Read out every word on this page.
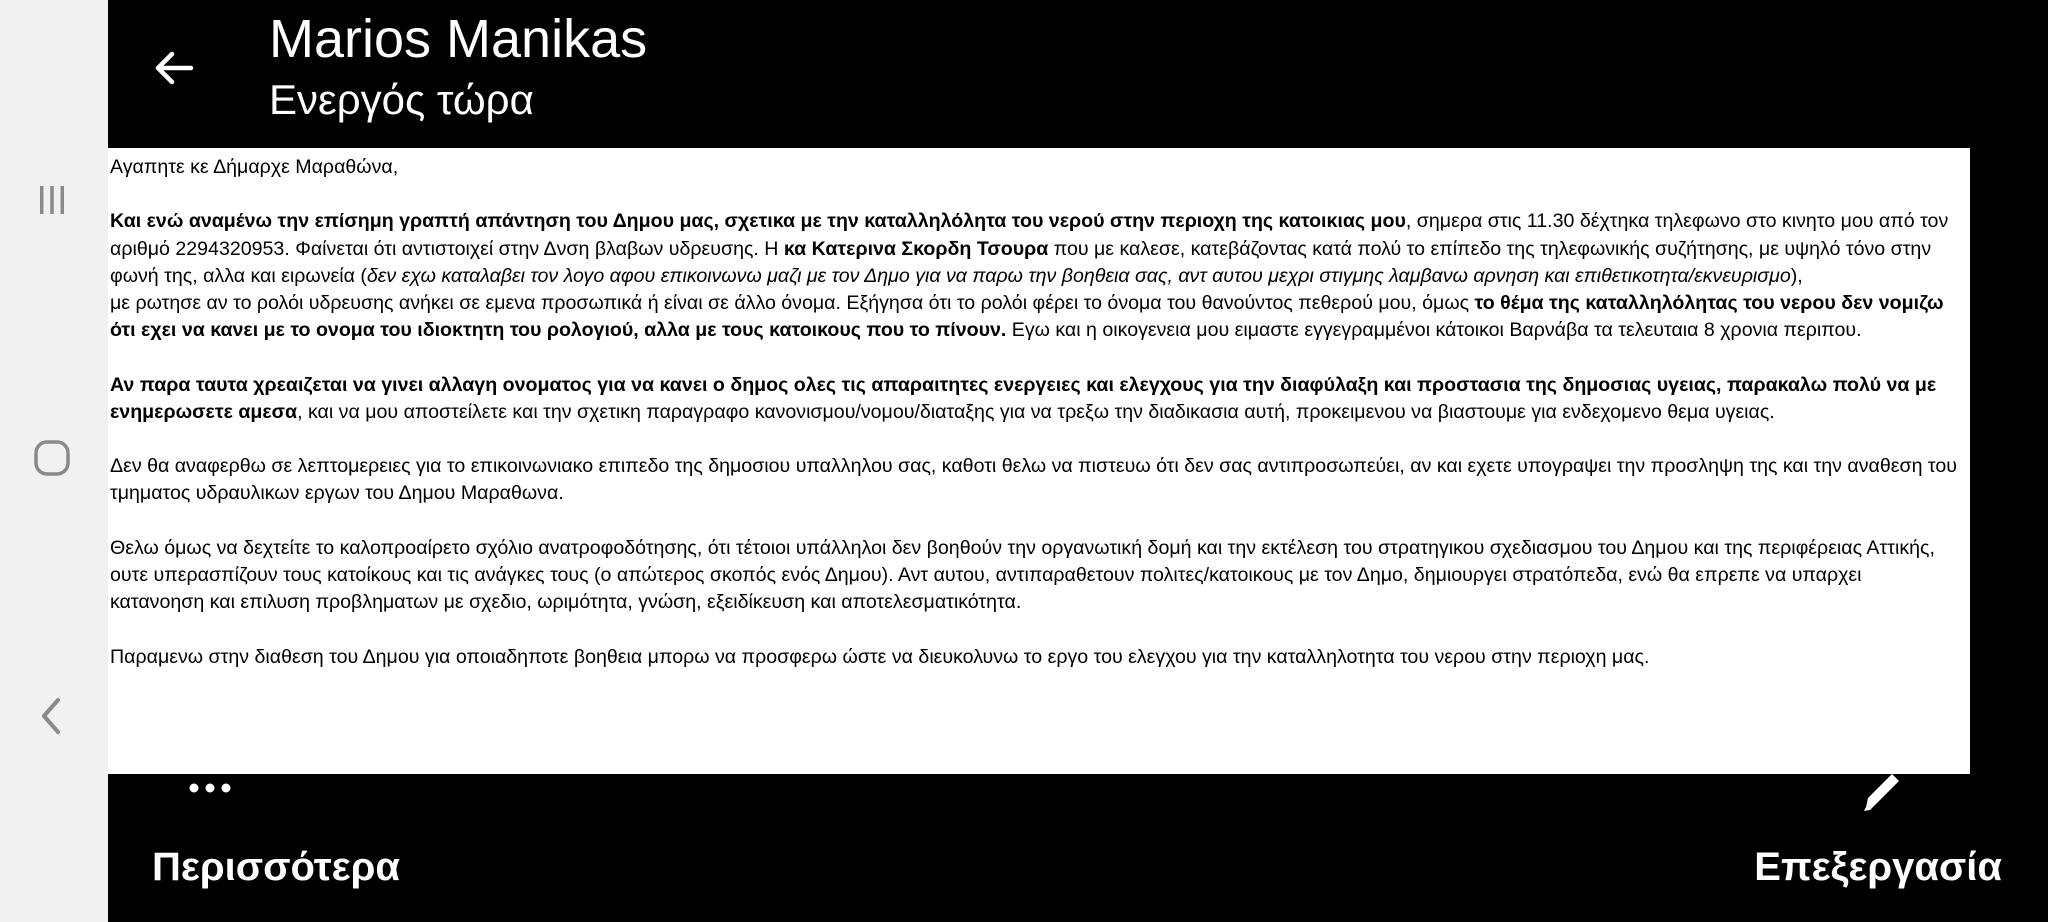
Marios Manikas
Ενεργός τώρα

Αγαπητε κε Δήμαρχε Μαραθώνα,

Και ενώ αναμένω την επίσημη γραπτή απάντηση του Δημου μας, σχετικα με την καταλληλόλητα του νερού στην περιοχη της κατοικιας μου, σημερα στις 11.30 δέχτηκα τηλεφωνο στο κινητο μου από τον αριθμό 2294320953. Φαίνεται ότι αντιστοιχεί στην Δνση βλαβων υδρευσης. Η κα Κατερινα Σκορδη Τσουρα που με καλεσε, κατεβάζοντας κατά πολύ το επίπεδο της τηλεφωνικής συζήτησης, με υψηλό τόνο στην φωνή της, αλλα και ειρωνεία (δεν εχω καταλαβει τον λογο αφου επικοινωνω μαζι με τον Δημο για να παρω την βοηθεια σας, αντ αυτου μεχρι στιγμης λαμβανω αρνηση και επιθετικοτητα/εκνευρισμο),

με ρωτησε αν το ρολόι υδρευσης ανήκει σε εμενα προσωπικά ή είναι σε άλλο όνομα. Εξήγησα ότι το ρολόι φέρει το όνομα του θανούντος πεθερού μου, όμως το θέμα της καταλληλόλητας του νερου δεν νομιζω ότι εχει να κανει με το ονομα του ιδιοκτητη του ρολογιού, αλλα με τους κατοικους που το πίνουν. Εγω και η οικογενεια μου ειμαστε εγγεγραμμένοι κάτοικοι Βαρνάβα τα τελευταια 8 χρονια περιπου.

Αν παρα ταυτα χρεαιζεται να γινει αλλαγη ονοματος για να κανει ο δημος ολες τις απαραιτητες ενεργειες και ελεγχους για την διαφύλαξη και προστασια της δημοσιας υγειας, παρακαλω πολύ να με ενημερωσετε αμεσα, και να μου αποστείλετε και την σχετικη παραγραφο κανονισμου/νομου/διαταξης για να τρεξω την διαδικασια αυτή, προκειμενου να βιαστουμε για ενδεχομενο θεμα υγειας.

Δεν θα αναφερθω σε λεπτομερειες για το επικοινωνιακο επιπεδο της δημοσιου υπαλληλου σας, καθοτι θελω να πιστευω ότι δεν σας αντιπροσωπεύει, αν και εχετε υπογραψει την προσληψη της και την αναθεση του τμηματος υδραυλικων εργων του Δημου Μαραθωνα.

Θελω όμως να δεχτείτε το καλοπροαίρετο σχόλιο ανατροφοδότησης, ότι τέτοιοι υπάλληλοι δεν βοηθούν την οργανωτική δομή και την εκτέλεση του στρατηγικου σχεδιασμου του Δημου και της περιφέρειας Αττικής, ουτε υπερασπίζουν τους κατοίκους και τις ανάγκες τους (ο απώτερος σκοπός ενός Δημου). Αντ αυτου, αντιπαραθετουν πολιτες/κατοικους με τον Δημο, δημιουργει στρατόπεδα, ενώ θα επρεπε να υπαρχει κατανοηση και επιλυση προβληματων με σχεδιο, ωριμότητα, γνώση, εξειδίκευση και αποτελεσματικότητα.

Παραμενω στην διαθεση του Δημου για οποιαδηποτε βοηθεια μπορω να προσφερω ώστε να διευκολυνω το εργο του ελεγχου για την καταλληλοτητα του νερου στην περιοχη μας.

Περισσότερα	Επεξεργασία
